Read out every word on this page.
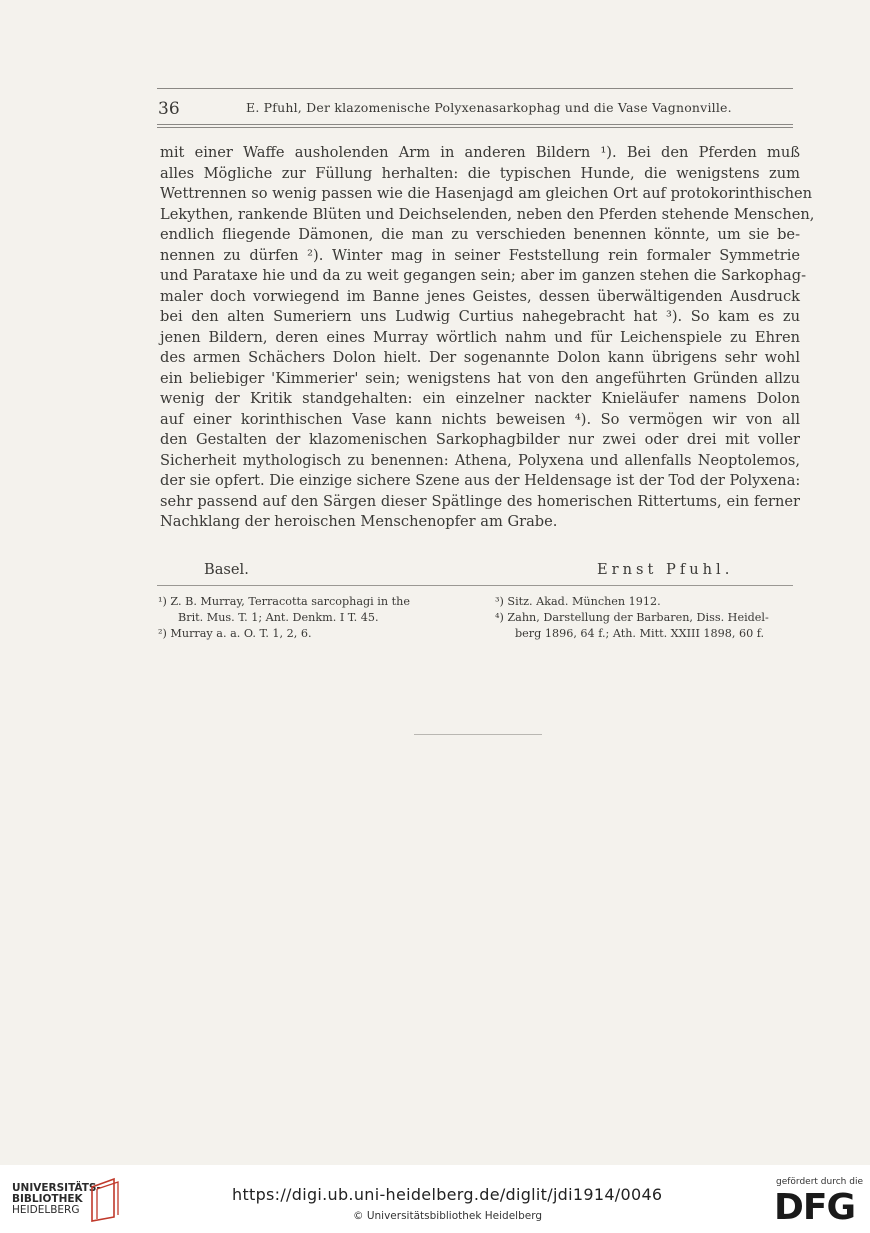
36	E. Pfuhl, Der klazomenische Polyxenasarkophag und die Vase Vagnonville.

mit einer Waffe ausholenden Arm in anderen Bildern ¹). Bei den Pferden muß
alles Mögliche zur Füllung herhalten: die typischen Hunde, die wenigstens zum
Wettrennen so wenig passen wie die Hasenjagd am gleichen Ort auf protokorinthischen
Lekythen, rankende Blüten und Deichselenden, neben den Pferden stehende Menschen,
endlich fliegende Dämonen, die man zu verschieden benennen könnte, um sie be-
nennen zu dürfen ²). Winter mag in seiner Feststellung rein formaler Symmetrie
und Parataxe hie und da zu weit gegangen sein; aber im ganzen stehen die Sarkophag-
maler doch vorwiegend im Banne jenes Geistes, dessen überwältigenden Ausdruck
bei den alten Sumeriern uns Ludwig Curtius nahegebracht hat ³). So kam es zu
jenen Bildern, deren eines Murray wörtlich nahm und für Leichenspiele zu Ehren
des armen Schächers Dolon hielt. Der sogenannte Dolon kann übrigens sehr wohl
ein beliebiger 'Kimmerier' sein; wenigstens hat von den angeführten Gründen allzu
wenig der Kritik standgehalten: ein einzelner nackter Knieläufer namens Dolon
auf einer korinthischen Vase kann nichts beweisen ⁴). So vermögen wir von all
den Gestalten der klazomenischen Sarkophagbilder nur zwei oder drei mit voller
Sicherheit mythologisch zu benennen: Athena, Polyxena und allenfalls Neoptolemos,
der sie opfert. Die einzige sichere Szene aus der Heldensage ist der Tod der Polyxena:
sehr passend auf den Särgen dieser Spätlinge des homerischen Rittertums, ein ferner
Nachklang der heroischen Menschenopfer am Grabe.

Basel.	Ernst Pfuhl.
¹) Z. B. Murray, Terracotta sarcophagi in the
Brit. Mus. T. 1; Ant. Denkm. I T. 45.
²) Murray a. a. O. T. 1, 2, 6.
³) Sitz. Akad. München 1912.
⁴) Zahn, Darstellung der Barbaren, Diss. Heidel-
berg 1896, 64 f.; Ath. Mitt. XXIII 1898, 60 f.
UNIVERSITÄTS-
BIBLIOTHEK
HEIDELBERG
https://digi.ub.uni-heidelberg.de/diglit/jdi1914/0046
© Universitätsbibliothek Heidelberg
gefördert durch die
DFG
